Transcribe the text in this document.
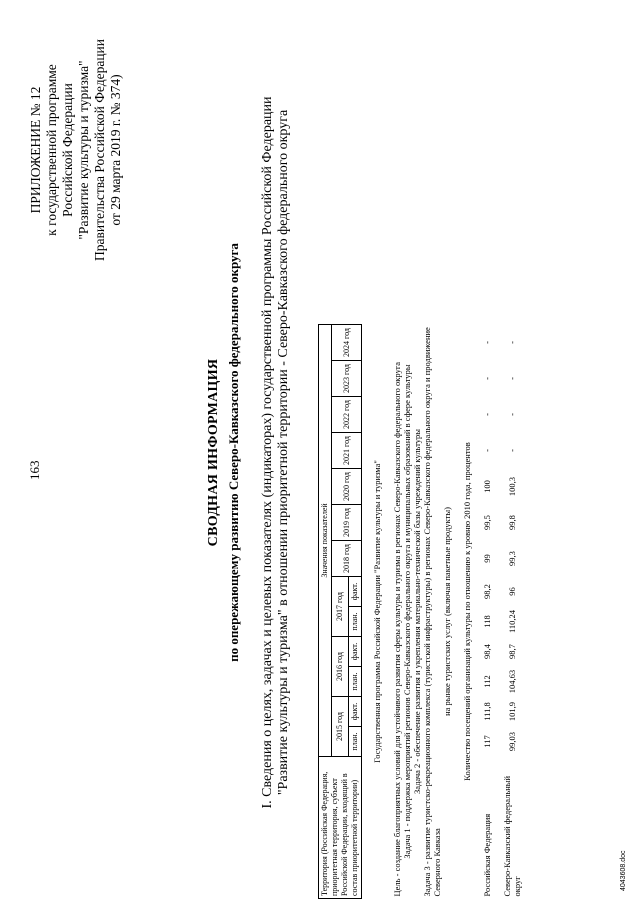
163
ПРИЛОЖЕНИЕ № 12 к государственной программе Российской Федерации "Развитие культуры и туризма" Правительства Российской Федерации от 29 марта 2019 г. № 374)
СВОДНАЯ ИНФОРМАЦИЯ по опережающему развитию Северо-Кавказского федерального округа I. Сведения о целях, задачах и целевых показателях (индикаторах) государственной программы Российской Федерации "Развитие культуры и туризма" в отношении приоритетной территории - Северо-Кавказского федерального округа
Территория (Российская Федерация, приоритетная территория, субъект Российской Федерации, входящий в состав приоритетной территории)	Значения показателей												
	2015 год		2016 год		2017 год		2018 год	2019 год	2020 год	2021 год	2022 год	2023 год	2024 год
	план.	факт.	план.	факт.	план.	факт.							

Государственная программа Российской Федерации "Развитие культуры и туризма"													

Цель - создание благоприятных условий для устойчивого развития сферы культуры и туризма в регионах Северо-Кавказского федерального округа													
Задача 1 - поддержка мероприятий регионов Северо-Кавказского федерального округа и муниципальных образований в сфере культуры													
Задача 2 - обеспечение развития и укрепления материально-технической базы учреждений культуры													
Задача 3 - развитие туристско-рекреационного комплекса (туристской инфраструктуры) в регионах Северо-Кавказского федерального округа и продвижение Северного Кавказа													
на рынке туристских услуг (включая пакетные продукты)													

Количество посещений организаций культуры по отношению к уровню 2010 года, процентов													

Российская Федерация	117	111,8	112	98,4	118	98,2	99	99,5	100	-	-	-	-

Северо-Кавказский федеральный округ	99,03	101,9	104,63	98,7	110,24	96	99,3	99,8	100,3	-	-	-	-
4043608.doc
